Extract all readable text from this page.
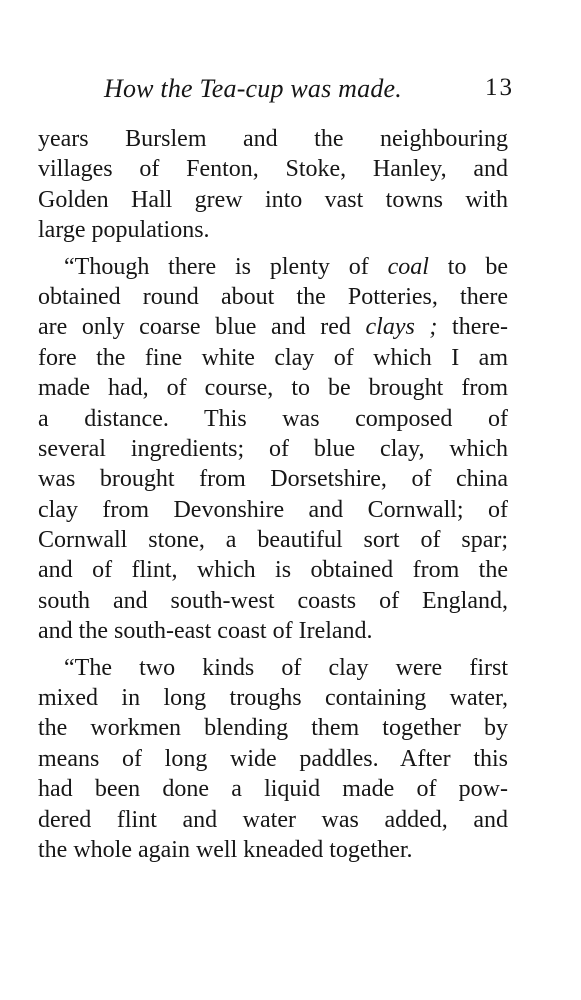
How the Tea-cup was made.	13
years Burslem and the neighbouring
villages of Fenton, Stoke, Hanley, and
Golden Hall grew into vast towns with
large populations.
“Though there is plenty of coal to be
obtained round about the Potteries, there
are only coarse blue and red clays ; there-
fore the fine white clay of which I am
made had, of course, to be brought from
a distance. This was composed of
several ingredients; of blue clay, which
was brought from Dorsetshire, of china
clay from Devonshire and Cornwall; of
Cornwall stone, a beautiful sort of spar;
and of flint, which is obtained from the
south and south-west coasts of England,
and the south-east coast of Ireland.
“The two kinds of clay were first
mixed in long troughs containing water,
the workmen blending them together by
means of long wide paddles. After this
had been done a liquid made of pow-
dered flint and water was added, and
the whole again well kneaded together.
